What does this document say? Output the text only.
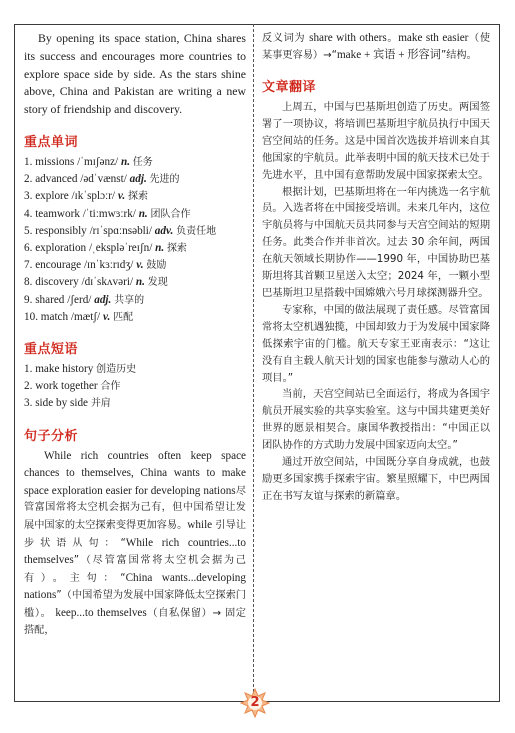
By opening its space station, China shares its success and encourages more countries to explore space side by side. As the stars shine above, China and Pakistan are writing a new story of friendship and discovery.

重点单词
1. missions /ˈmɪʃənz/ n. 任务
2. advanced /ədˈvænst/ adj. 先进的
3. explore /ɪkˈsplɔːr/ v. 探索
4. teamwork /ˈtiːmwɜːrk/ n. 团队合作
5. responsibly /rɪˈspɑːnsəbli/ adv. 负责任地
6. exploration /ˌekspləˈreɪʃn/ n. 探索
7. encourage /ɪnˈkɜːrɪdʒ/ v. 鼓励
8. discovery /dɪˈskʌvəri/ n. 发现
9. shared /ʃerd/ adj. 共享的
10. match /mætʃ/ v. 匹配
重点短语
1. make history 创造历史
2. work together 合作
3. side by side 并肩
句子分析

While rich countries often keep space chances to themselves, China wants to make space exploration easier for developing nations尽管富国常将太空机会据为己有，但中国希望让发展中国家的太空探索变得更加容易。while 引导让步状语从句：“While rich countries...to themselves”（尽管富国常将太空机会据为己有）。主句：“China wants...developing nations”（中国希望为发展中国家降低太空探索门槛）。 keep...to themselves（自私保留）→ 固定搭配，

反义词为 share with others。make sth easier（使某事更容易）→“make + 宾语 + 形容词”结构。

文章翻译

上周五，中国与巴基斯坦创造了历史。两国签署了一项协议，将培训巴基斯坦宇航员执行中国天宫空间站的任务。这是中国首次选拔并培训来自其他国家的宇航员。此举表明中国的航天技术已处于先进水平，且中国有意帮助发展中国家探索太空。

根据计划，巴基斯坦将在一年内挑选一名宇航员。入选者将在中国接受培训。未来几年内，这位宇航员将与中国航天员共同参与天宫空间站的短期任务。此类合作并非首次。过去 30 余年间，两国在航天领域长期协作——1990 年，中国协助巴基斯坦将其首颗卫星送入太空；2024 年，一颗小型巴基斯坦卫星搭载中国嫦娥六号月球探测器升空。

专家称，中国的做法展现了责任感。尽管富国常将太空机遇独揽，中国却致力于为发展中国家降低探索宇宙的门槛。航天专家王亚南表示：“这让没有自主载人航天计划的国家也能参与激动人心的项目。”

当前，天宫空间站已全面运行，将成为各国宇航员开展实验的共享实验室。这与中国共建更美好世界的愿景相契合。康国华教授指出：“中国正以团队协作的方式助力发展中国家迈向太空。”

通过开放空间站，中国既分享自身成就，也鼓励更多国家携手探索宇宙。繁星照耀下，中巴两国正在书写友谊与探索的新篇章。

2
